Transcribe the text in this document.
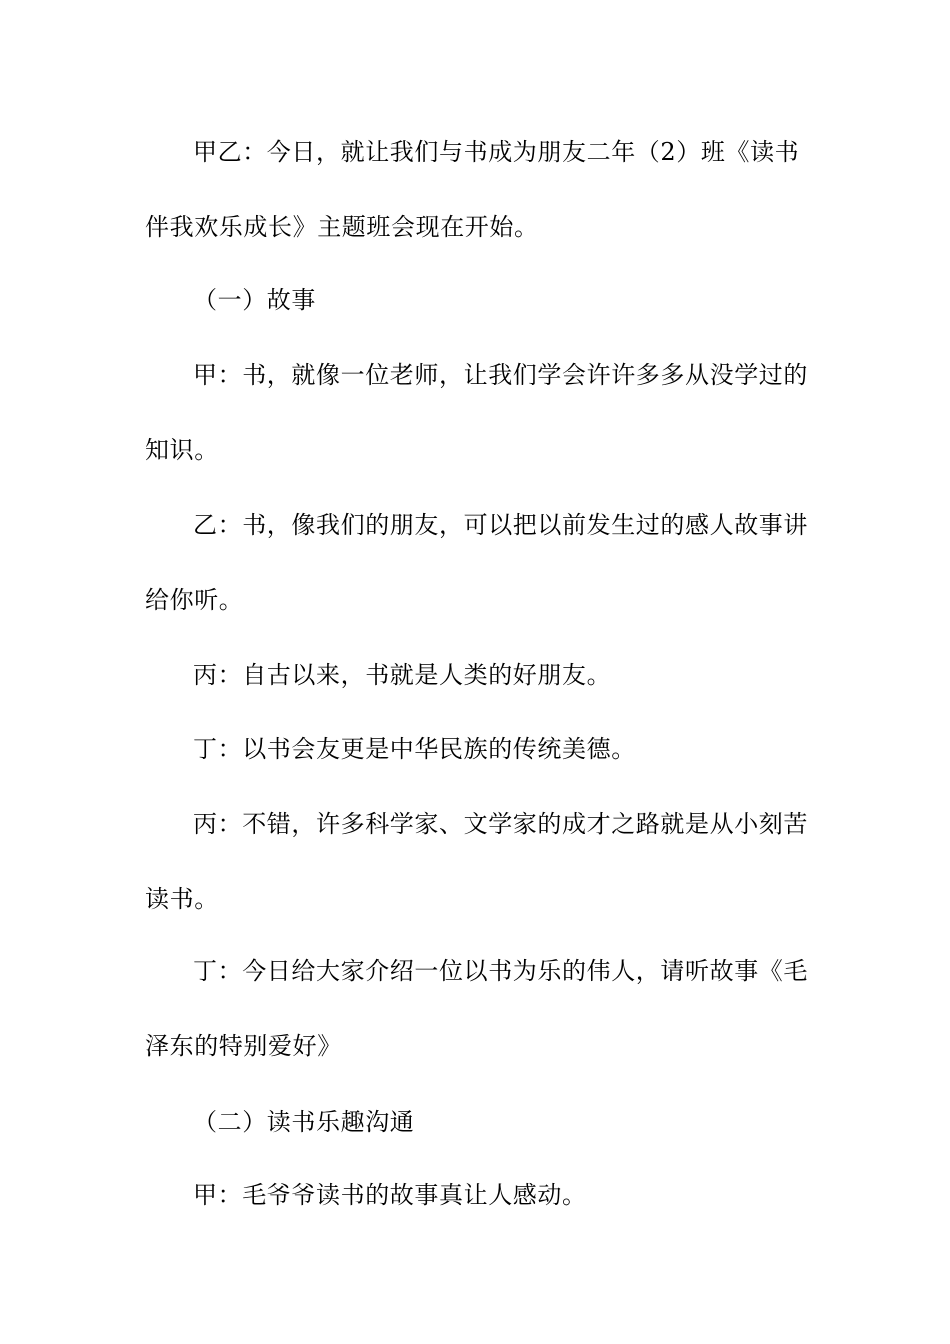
甲乙：今日，就让我们与书成为朋友二年（2）班《读书伴我欢乐成长》主题班会现在开始。

（一）故事

甲：书，就像一位老师，让我们学会许许多多从没学过的知识。

乙：书，像我们的朋友，可以把以前发生过的感人故事讲给你听。

丙：自古以来，书就是人类的好朋友。

丁：以书会友更是中华民族的传统美德。

丙：不错，许多科学家、文学家的成才之路就是从小刻苦读书。

丁：今日给大家介绍一位以书为乐的伟人，请听故事《毛泽东的特别爱好》

（二）读书乐趣沟通

甲：毛爷爷读书的故事真让人感动。
